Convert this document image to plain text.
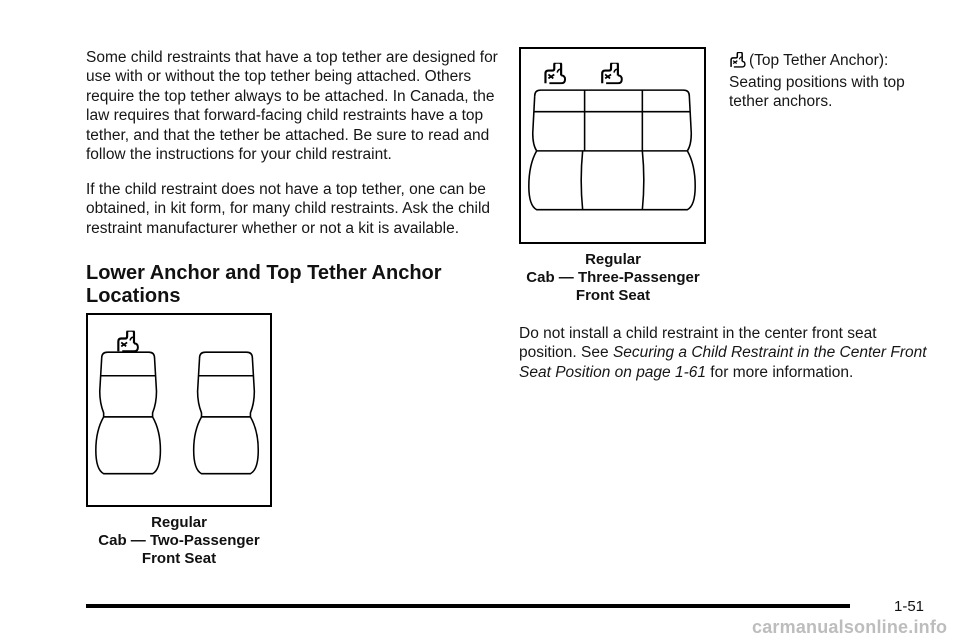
Some child restraints that have a top tether are designed for use with or without the top tether being attached. Others require the top tether always to be attached. In Canada, the law requires that forward-facing child restraints have a top tether, and that the tether be attached. Be sure to read and follow the instructions for your child restraint.

If the child restraint does not have a top tether, one can be obtained, in kit form, for many child restraints. Ask the child restraint manufacturer whether or not a kit is available.

Lower Anchor and Top Tether Anchor Locations
Regular
Cab — Two-Passenger
Front Seat
Regular
Cab — Three-Passenger
Front Seat

(Top Tether Anchor):

Seating positions with top tether anchors.

Do not install a child restraint in the center front seat position. See Securing a Child Restraint in the Center Front Seat Position on page 1-61 for more information.

1-51
carmanualsonline.info
